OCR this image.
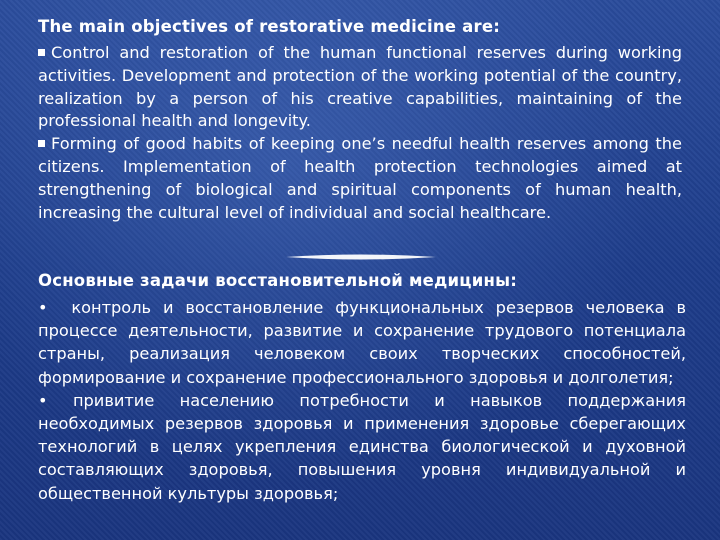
The main objectives of restorative medicine are:

Control and restoration of the human functional reserves during working activities. Development and protection of the working potential of the country, realization by a person of his creative capabilities, maintaining of the professional health and longevity.

Forming of good habits of keeping one’s needful health reserves among the citizens. Implementation of health protection technologies aimed at strengthening of biological and spiritual components of human health, increasing the cultural level of individual and social healthcare.

Основные задачи восстановительной медицины:

• контроль и восстановление функциональных резервов человека в процессе деятельности, развитие и сохранение трудового потенциала страны, реализация человеком своих творческих способностей, формирование и сохранение профессионального здоровья и долголетия;

• привитие населению потребности и навыков поддержания необходимых резервов здоровья и применения здоровье сберегающих технологий в целях укрепления единства биологической и духовной составляющих здоровья, повышения уровня индивидуальной и общественной культуры здоровья;
